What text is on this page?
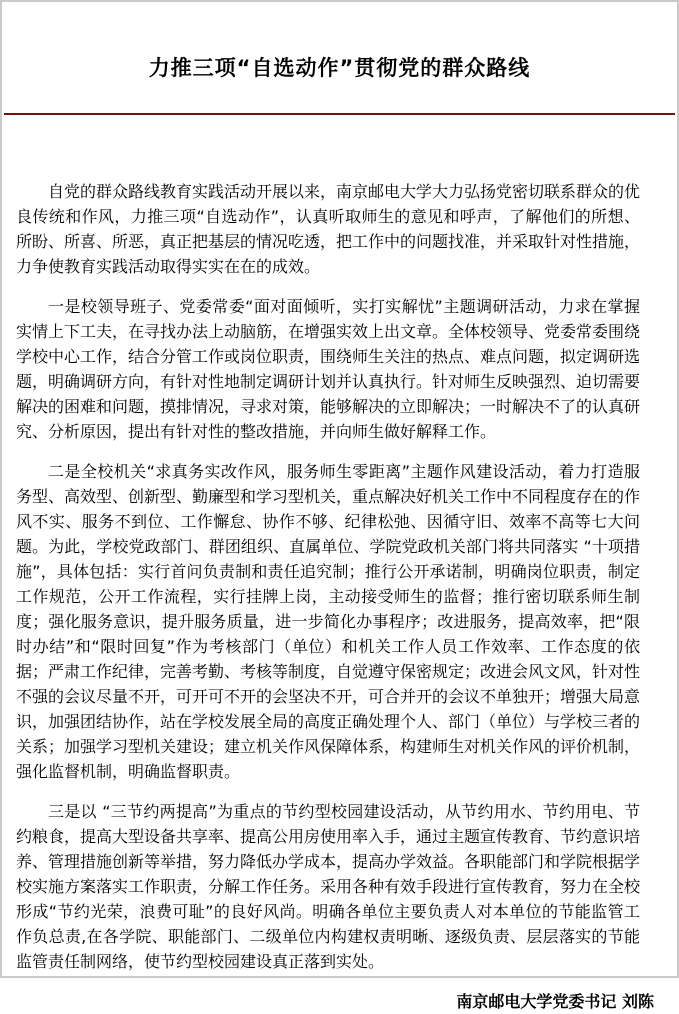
力推三项“自选动作”贯彻党的群众路线

自党的群众路线教育实践活动开展以来，南京邮电大学大力弘扬党密切联系群众的优良传统和作风，力推三项“自选动作”，认真听取师生的意见和呼声，了解他们的所想、所盼、所喜、所恶，真正把基层的情况吃透，把工作中的问题找准，并采取针对性措施，力争使教育实践活动取得实实在在的成效。

一是校领导班子、党委常委“面对面倾听，实打实解忧”主题调研活动，力求在掌握实情上下工夫，在寻找办法上动脑筋，在增强实效上出文章。全体校领导、党委常委围绕学校中心工作，结合分管工作或岗位职责，围绕师生关注的热点、难点问题，拟定调研选题，明确调研方向，有针对性地制定调研计划并认真执行。针对师生反映强烈、迫切需要解决的困难和问题，摸排情况，寻求对策，能够解决的立即解决；一时解决不了的认真研究、分析原因，提出有针对性的整改措施，并向师生做好解释工作。

二是全校机关“求真务实改作风，服务师生零距离”主题作风建设活动，着力打造服务型、高效型、创新型、勤廉型和学习型机关，重点解决好机关工作中不同程度存在的作风不实、服务不到位、工作懈怠、协作不够、纪律松弛、因循守旧、效率不高等七大问题。为此，学校党政部门、群团组织、直属单位、学院党政机关部门将共同落实 “十项措施”，具体包括：实行首问负责制和责任追究制；推行公开承诺制，明确岗位职责，制定工作规范，公开工作流程，实行挂牌上岗，主动接受师生的监督；推行密切联系师生制度；强化服务意识，提升服务质量，进一步简化办事程序；改进服务，提高效率，把“限时办结”和“限时回复”作为考核部门（单位）和机关工作人员工作效率、工作态度的依据；严肃工作纪律，完善考勤、考核等制度，自觉遵守保密规定；改进会风文风，针对性不强的会议尽量不开，可开可不开的会坚决不开，可合并开的会议不单独开；增强大局意识，加强团结协作，站在学校发展全局的高度正确处理个人、部门（单位）与学校三者的关系；加强学习型机关建设；建立机关作风保障体系，构建师生对机关作风的评价机制，强化监督机制，明确监督职责。

三是以 “三节约两提高”为重点的节约型校园建设活动，从节约用水、节约用电、节约粮食，提高大型设备共享率、提高公用房使用率入手，通过主题宣传教育、节约意识培养、管理措施创新等举措，努力降低办学成本，提高办学效益。各职能部门和学院根据学校实施方案落实工作职责，分解工作任务。采用各种有效手段进行宣传教育，努力在全校形成“节约光荣，浪费可耻”的良好风尚。明确各单位主要负责人对本单位的节能监管工作负总责,在各学院、职能部门、二级单位内构建权责明晰、逐级负责、层层落实的节能监管责任制网络，使节约型校园建设真正落到实处。

南京邮电大学党委书记 刘陈
